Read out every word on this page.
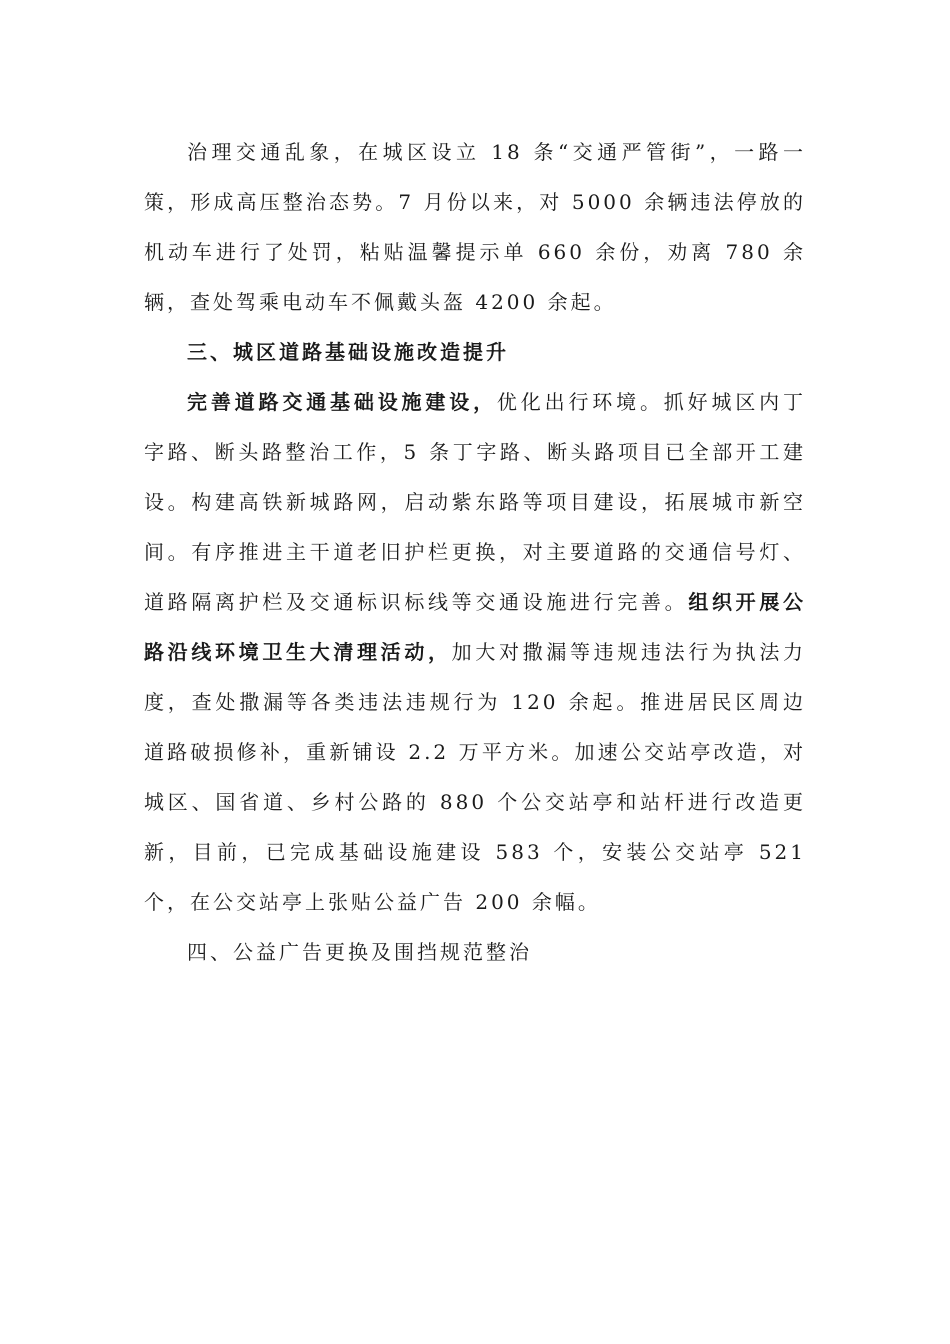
治理交通乱象，在城区设立 18 条“交通严管街”，一路一策，形成高压整治态势。7 月份以来，对 5000 余辆违法停放的机动车进行了处罚，粘贴温馨提示单 660 余份，劝离 780 余辆，查处驾乘电动车不佩戴头盔 4200 余起。

三、城区道路基础设施改造提升

完善道路交通基础设施建设，优化出行环境。抓好城区内丁字路、断头路整治工作，5 条丁字路、断头路项目已全部开工建设。构建高铁新城路网，启动紫东路等项目建设，拓展城市新空间。有序推进主干道老旧护栏更换，对主要道路的交通信号灯、道路隔离护栏及交通标识标线等交通设施进行完善。组织开展公路沿线环境卫生大清理活动，加大对撒漏等违规违法行为执法力度，查处撒漏等各类违法违规行为 120 余起。推进居民区周边道路破损修补，重新铺设 2.2 万平方米。加速公交站亭改造，对城区、国省道、乡村公路的 880 个公交站亭和站杆进行改造更新，目前，已完成基础设施建设 583 个，安装公交站亭 521 个，在公交站亭上张贴公益广告 200 余幅。

四、公益广告更换及围挡规范整治
